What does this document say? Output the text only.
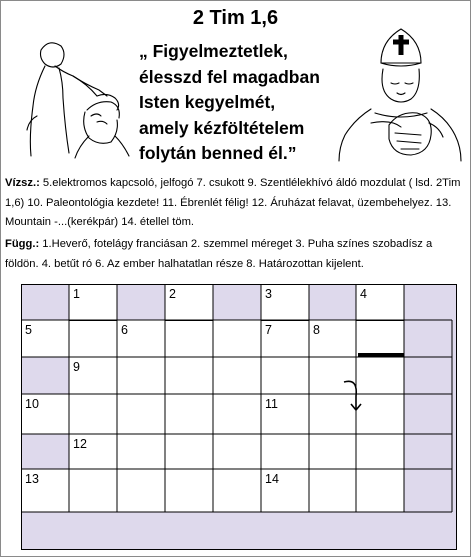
2 Tim 1,6
„ Figyelmeztetlek,
élesszd fel magadban
Isten kegyelmét,
amely kézföltételem
folytán benned él.”
Vízsz.: 5.elektromos kapcsoló, jelfogó 7. csukott 9. Szentlélekhívó áldó mozdulat ( lsd. 2Tim 1,6) 10. Paleontológia kezdete! 11. Ébrenlét félig! 12. Áruházat felavat, üzembehelyez. 13. Mountain -...(kerékpár) 14. étellel töm.
Függ.: 1.Heverő, fotelágy franciásan 2. szemmel méreget 3. Puha színes szobadísz a földön. 4. betűt ró 6. Az ember halhatatlan része 8. Határozottan kijelent.
1	2	3	4
5	6	7	8
9
10	11
12
13	14
